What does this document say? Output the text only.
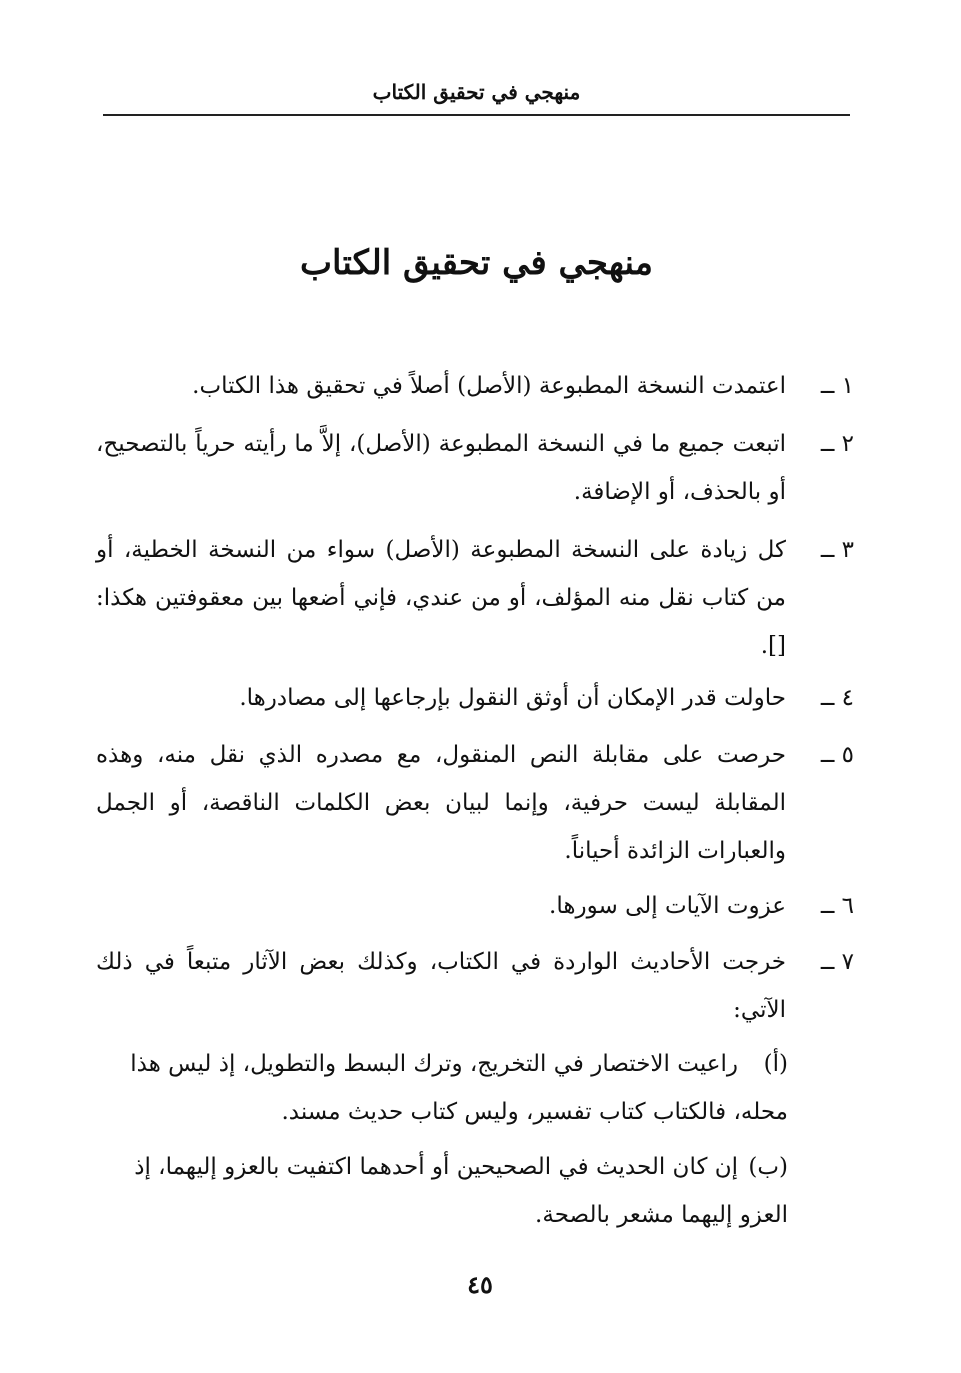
منهجي في تحقيق الكتاب
منهجي في تحقيق الكتاب
١ ــ
اعتمدت النسخة المطبوعة (الأصل) أصلاً في تحقيق هذا الكتاب.
٢ ــ
اتبعت جميع ما في النسخة المطبوعة (الأصل)، إلاَّ ما رأيته حرياً بالتصحيح، أو بالحذف، أو الإضافة.
٣ ــ
كل زيادة على النسخة المطبوعة (الأصل) سواء من النسخة الخطية، أو من كتاب نقل منه المؤلف، أو من عندي، فإني أضعها بين معقوفتين هكذا: [].
٤ ــ
حاولت قدر الإمكان أن أوثق النقول بإرجاعها إلى مصادرها.
٥ ــ
حرصت على مقابلة النص المنقول، مع مصدره الذي نقل منه، وهذه المقابلة ليست حرفية، وإنما لبيان بعض الكلمات الناقصة، أو الجمل والعبارات الزائدة أحياناً.
٦ ــ
عزوت الآيات إلى سورها.
٧ ــ
خرجت الأحاديث الواردة في الكتاب، وكذلك بعض الآثار متبعاً في ذلك الآتي:
(أ)
راعيت الاختصار في التخريج، وترك البسط والتطويل، إذ ليس هذا
محله، فالكتاب كتاب تفسير، وليس كتاب حديث مسند.
(ب)
إن كان الحديث في الصحيحين أو أحدهما اكتفيت بالعزو إليهما، إذ
العزو إليهما مشعر بالصحة.
٤٥
